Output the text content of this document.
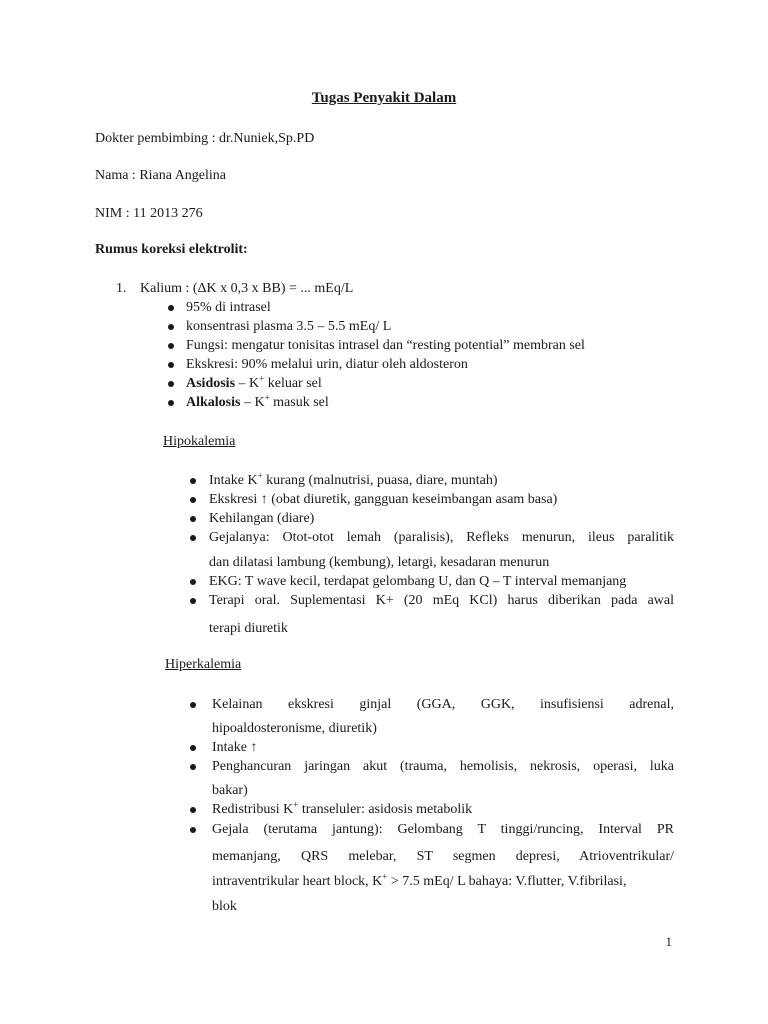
Tugas Penyakit Dalam
Dokter pembimbing : dr.Nuniek,Sp.PD
Nama : Riana Angelina
NIM : 11 2013 276
Rumus koreksi elektrolit:
1. Kalium : (ΔK x 0,3 x BB) = ... mEq/L
95% di intrasel
konsentrasi plasma 3.5 – 5.5 mEq/ L
Fungsi: mengatur tonisitas intrasel dan “resting potential” membran sel
Ekskresi: 90% melalui urin, diatur oleh aldosteron
Asidosis – K+ keluar sel
Alkalosis – K+ masuk sel
Hipokalemia
Intake K+ kurang (malnutrisi, puasa, diare, muntah)
Ekskresi ↑ (obat diuretik, gangguan keseimbangan asam basa)
Kehilangan (diare)
Gejalanya: Otot-otot lemah (paralisis), Refleks menurun, ileus paralitik
dan dilatasi lambung (kembung), letargi, kesadaran menurun
EKG: T wave kecil, terdapat gelombang U, dan Q – T interval memanjang
Terapi oral. Suplementasi K+ (20 mEq KCl) harus diberikan pada awal
terapi diuretik
Hiperkalemia
Kelainan ekskresi ginjal (GGA, GGK, insufisiensi adrenal,
hipoaldosteronisme, diuretik)
Intake ↑
Penghancuran jaringan akut (trauma, hemolisis, nekrosis, operasi, luka
bakar)
Redistribusi K+ transeluler: asidosis metabolik
Gejala (terutama jantung): Gelombang T tinggi/runcing, Interval PR
memanjang, QRS melebar, ST segmen depresi, Atrioventrikular/
intraventrikular heart block, K+ > 7.5 mEq/ L bahaya: V.flutter, V.fibrilasi,
blok
1
